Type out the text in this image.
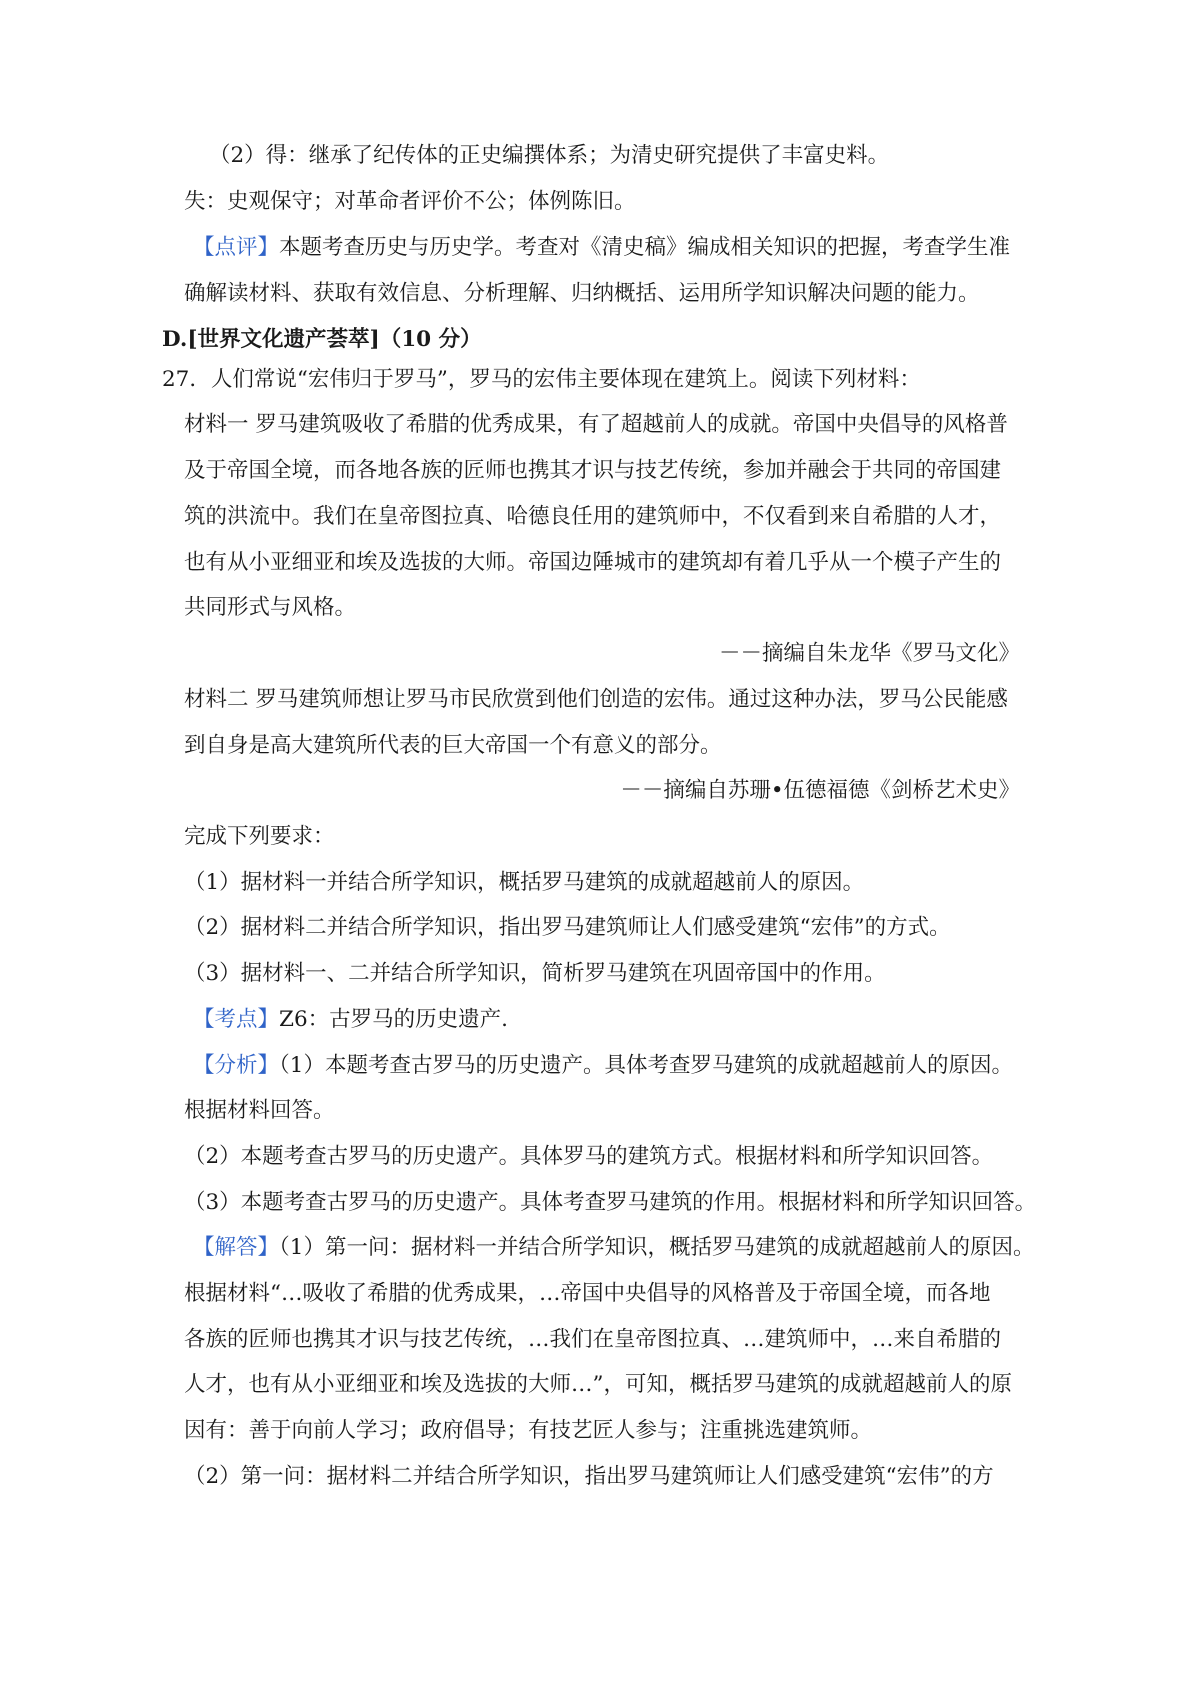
（2）得：继承了纪传体的正史编撰体系；为清史研究提供了丰富史料。
失：史观保守；对革命者评价不公；体例陈旧。
【点评】本题考查历史与历史学。考查对《清史稿》编成相关知识的把握，考查学生准
确解读材料、获取有效信息、分析理解、归纳概括、运用所学知识解决问题的能力。
D.[世界文化遗产荟萃]（10 分）
27．人们常说“宏伟归于罗马”，罗马的宏伟主要体现在建筑上。阅读下列材料：
材料一 罗马建筑吸收了希腊的优秀成果，有了超越前人的成就。帝国中央倡导的风格普
及于帝国全境，而各地各族的匠师也携其才识与技艺传统，参加并融会于共同的帝国建
筑的洪流中。我们在皇帝图拉真、哈德良任用的建筑师中，不仅看到来自希腊的人才，
也有从小亚细亚和埃及选拔的大师。帝国边陲城市的建筑却有着几乎从一个模子产生的
共同形式与风格。
－－摘编自朱龙华《罗马文化》
材料二 罗马建筑师想让罗马市民欣赏到他们创造的宏伟。通过这种办法，罗马公民能感
到自身是高大建筑所代表的巨大帝国一个有意义的部分。
－－摘编自苏珊•伍德福德《剑桥艺术史》
完成下列要求：
（1）据材料一并结合所学知识，概括罗马建筑的成就超越前人的原因。
（2）据材料二并结合所学知识，指出罗马建筑师让人们感受建筑“宏伟”的方式。
（3）据材料一、二并结合所学知识，简析罗马建筑在巩固帝国中的作用。
【考点】Z6：古罗马的历史遗产.
【分析】（1）本题考查古罗马的历史遗产。具体考查罗马建筑的成就超越前人的原因。
根据材料回答。
（2）本题考查古罗马的历史遗产。具体罗马的建筑方式。根据材料和所学知识回答。
（3）本题考查古罗马的历史遗产。具体考查罗马建筑的作用。根据材料和所学知识回答。
【解答】（1）第一问：据材料一并结合所学知识，概括罗马建筑的成就超越前人的原因。
根据材料“…吸收了希腊的优秀成果，…帝国中央倡导的风格普及于帝国全境，而各地
各族的匠师也携其才识与技艺传统，…我们在皇帝图拉真、…建筑师中，…来自希腊的
人才，也有从小亚细亚和埃及选拔的大师…”，可知，概括罗马建筑的成就超越前人的原
因有：善于向前人学习；政府倡导；有技艺匠人参与；注重挑选建筑师。
（2）第一问：据材料二并结合所学知识，指出罗马建筑师让人们感受建筑“宏伟”的方
